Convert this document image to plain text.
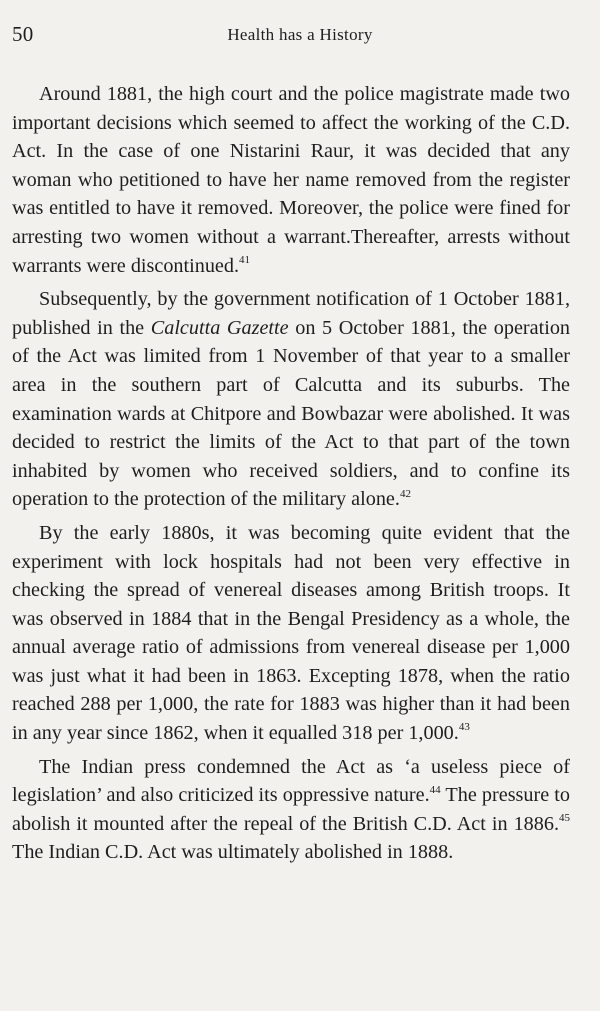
50	Health has a History

Around 1881, the high court and the police magistrate made two important decisions which seemed to affect the working of the C.D. Act. In the case of one Nistarini Raur, it was decided that any woman who petitioned to have her name removed from the register was entitled to have it removed. Moreover, the police were fined for arresting two women without a warrant.Thereafter, arrests without warrants were discontinued.$^{41}$

Subsequently, by the government notification of 1 October 1881, published in the Calcutta Gazette on 5 October 1881, the operation of the Act was limited from 1 November of that year to a smaller area in the southern part of Calcutta and its suburbs. The examination wards at Chitpore and Bowbazar were abolished. It was decided to restrict the limits of the Act to that part of the town inhabited by women who received soldiers, and to confine its operation to the protection of the military alone.$^{42}$

By the early 1880s, it was becoming quite evident that the experiment with lock hospitals had not been very effective in checking the spread of venereal diseases among British troops. It was observed in 1884 that in the Bengal Presidency as a whole, the annual average ratio of admissions from venereal disease per 1,000 was just what it had been in 1863. Excepting 1878, when the ratio reached 288 per 1,000, the rate for 1883 was higher than it had been in any year since 1862, when it equalled 318 per 1,000.43

The Indian press condemned the Act as ‘a useless piece of legislation’ and also criticized its oppressive nature.$^{44}$ The pressure to abolish it mounted after the repeal of the British C.D. Act in 1886.45 The Indian C.D. Act was ultimately abolished in 1888.
